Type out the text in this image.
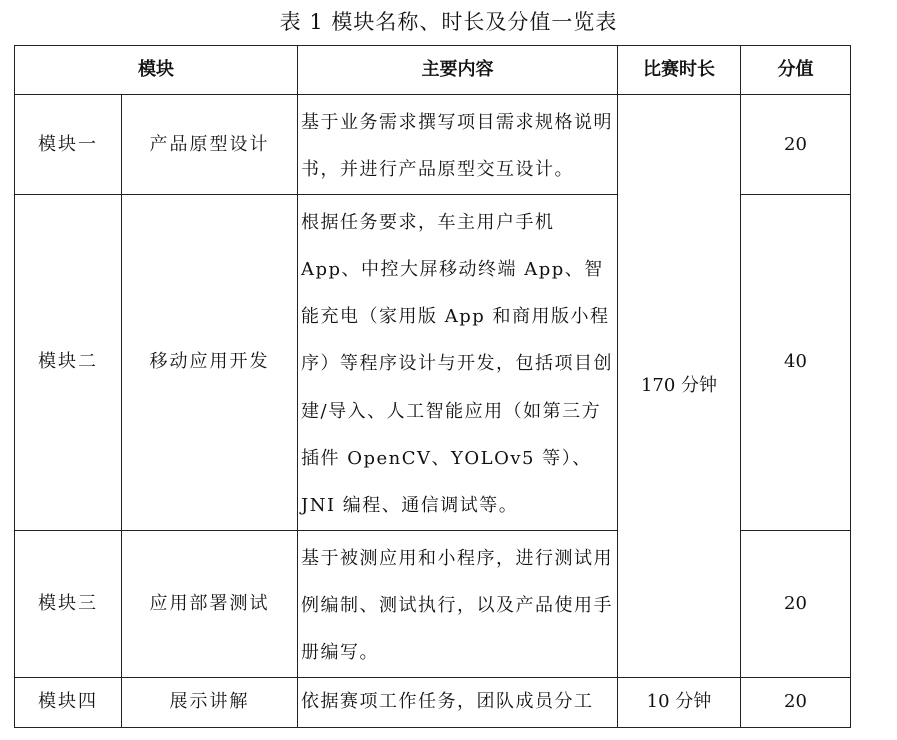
表 1 模块名称、时长及分值一览表
模块		主要内容	比赛时长	分值
模块一	产品原型设计	基于业务需求撰写项目需求规格说明书，并进行产品原型交互设计。	170 分钟	20
模块二	移动应用开发	根据任务要求，车主用户手机 App、中控大屏移动终端 App、智能充电（家用版 App 和商用版小程序）等程序设计与开发，包括项目创建/导入、人工智能应用（如第三方插件 OpenCV、YOLOv5 等）、JNI 编程、通信调试等。		40
模块三	应用部署测试	基于被测应用和小程序，进行测试用例编制、测试执行，以及产品使用手册编写。		20
模块四	展示讲解	依据赛项工作任务，团队成员分工	10 分钟	20
